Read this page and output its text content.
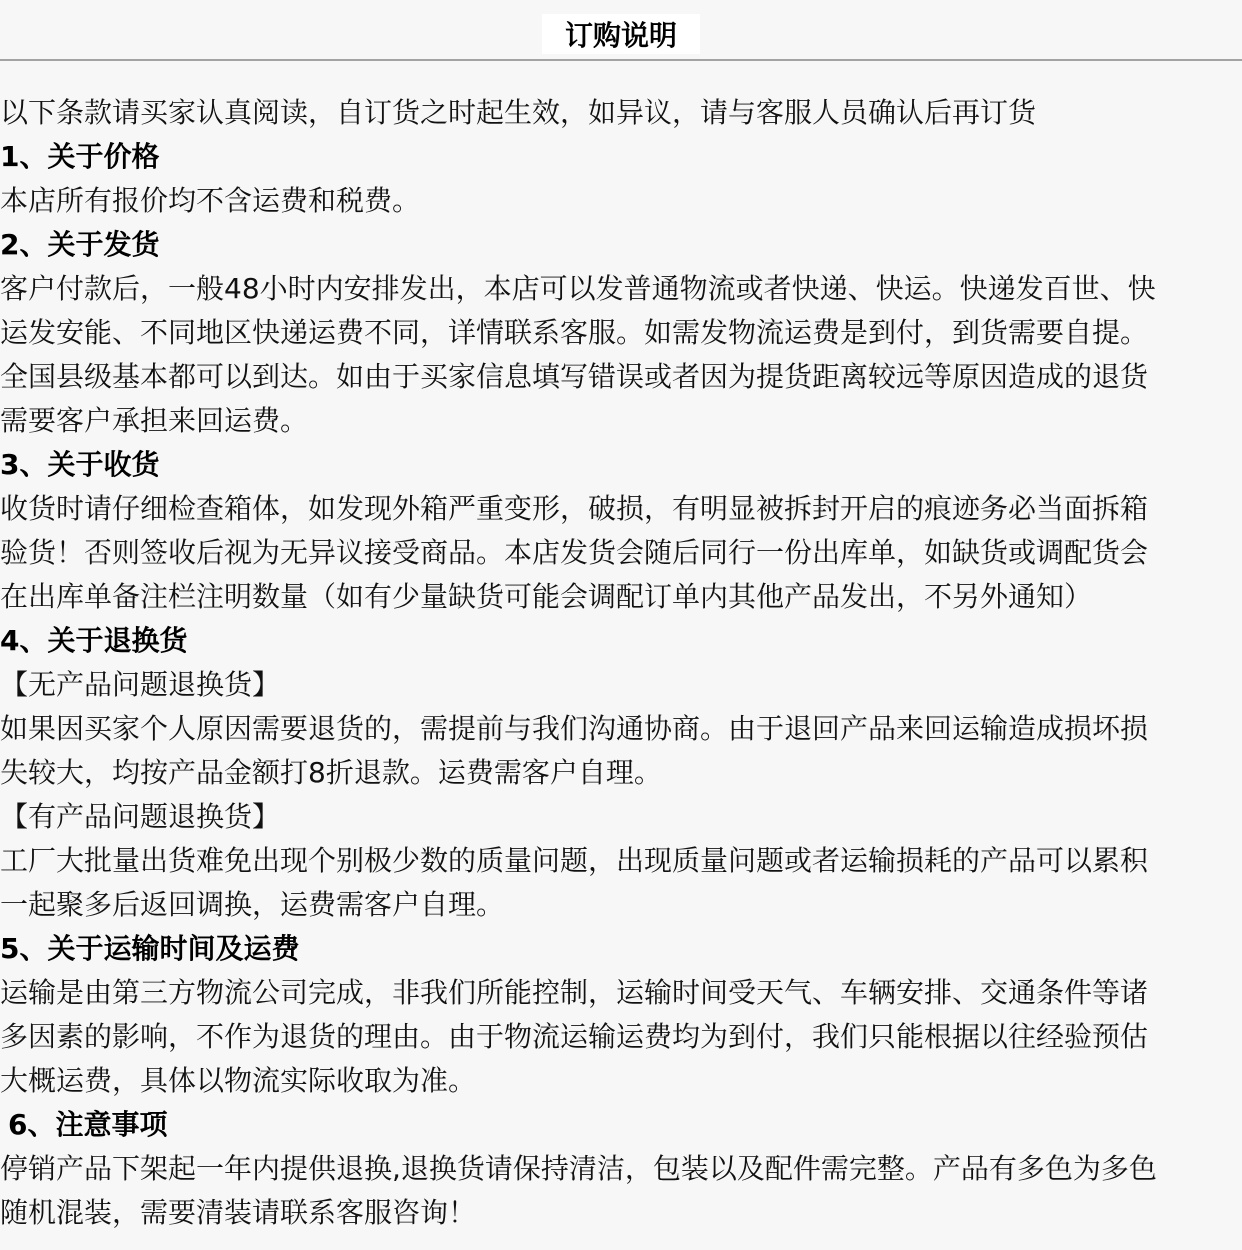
订购说明
以下条款请买家认真阅读，自订货之时起生效，如异议，请与客服人员确认后再订货
1、关于价格
本店所有报价均不含运费和税费。
2、关于发货
客户付款后，一般48小时内安排发出，本店可以发普通物流或者快递、快运。快递发百世、快
运发安能、不同地区快递运费不同，详情联系客服。如需发物流运费是到付，到货需要自提。
全国县级基本都可以到达。如由于买家信息填写错误或者因为提货距离较远等原因造成的退货
需要客户承担来回运费。
3、关于收货
收货时请仔细检查箱体，如发现外箱严重变形，破损，有明显被拆封开启的痕迹务必当面拆箱
验货！否则签收后视为无异议接受商品。本店发货会随后同行一份出库单，如缺货或调配货会
在出库单备注栏注明数量（如有少量缺货可能会调配订单内其他产品发出，不另外通知）
4、关于退换货
【无产品问题退换货】
如果因买家个人原因需要退货的，需提前与我们沟通协商。由于退回产品来回运输造成损坏损
失较大，均按产品金额打8折退款。运费需客户自理。
【有产品问题退换货】
工厂大批量出货难免出现个别极少数的质量问题，出现质量问题或者运输损耗的产品可以累积
一起聚多后返回调换，运费需客户自理。
5、关于运输时间及运费
运输是由第三方物流公司完成，非我们所能控制，运输时间受天气、车辆安排、交通条件等诸
多因素的影响，不作为退货的理由。由于物流运输运费均为到付，我们只能根据以往经验预估
大概运费，具体以物流实际收取为准。
6、注意事项
停销产品下架起一年内提供退换,退换货请保持清洁，包装以及配件需完整。产品有多色为多色
随机混装，需要清装请联系客服咨询！
